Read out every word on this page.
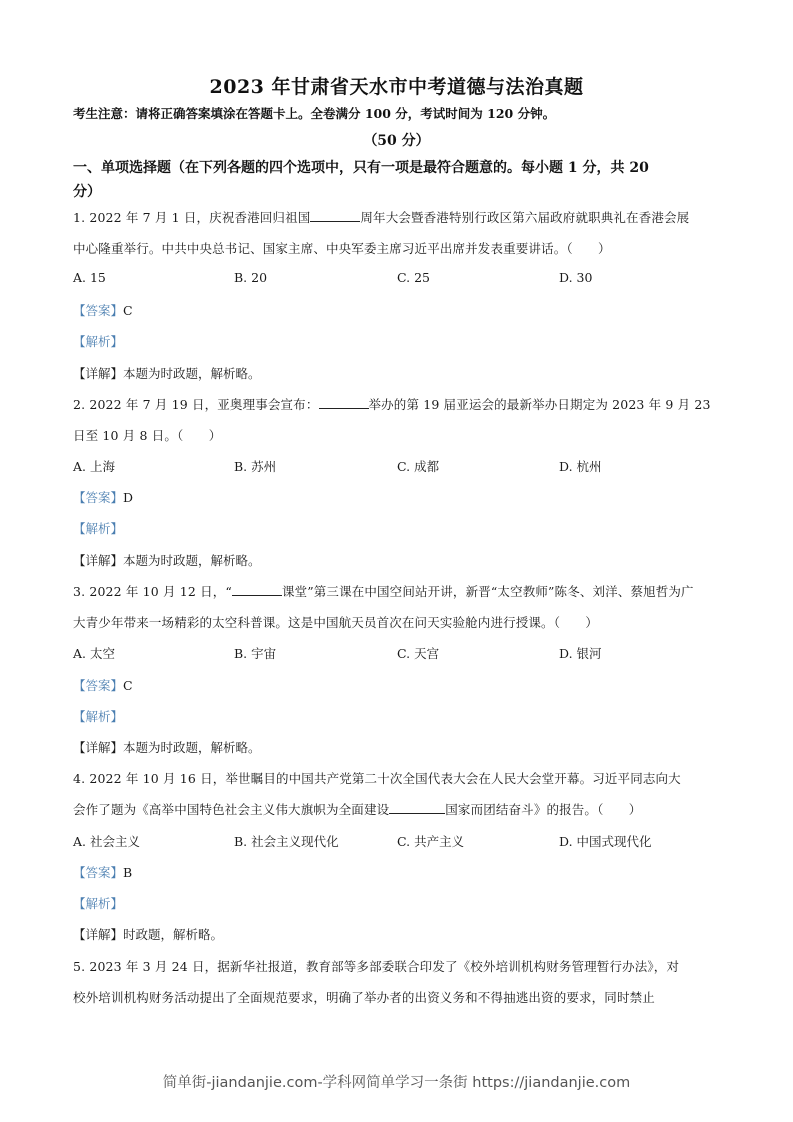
2023 年甘肃省天水市中考道德与法治真题
考生注意：请将正确答案填涂在答题卡上。全卷满分 100 分，考试时间为 120 分钟。
（50 分）
一、单项选择题（在下列各题的四个选项中，只有一项是最符合题意的。每小题 1 分，共 20
分）
1. 2022 年 7 月 1 日，庆祝香港回归祖国	周年大会暨香港特别行政区第六届政府就职典礼在香港会展
中心隆重举行。中共中央总书记、国家主席、中央军委主席习近平出席并发表重要讲话。（　　）
A. 15	B. 20	C. 25	D. 30
【答案】C
【解析】
【详解】本题为时政题，解析略。
2. 2022 年 7 月 19 日，亚奥理事会宣布：	举办的第 19 届亚运会的最新举办日期定为 2023 年 9 月 23
日至 10 月 8 日。（　　）
A. 上海	B. 苏州	C. 成都	D. 杭州
【答案】D
【解析】
【详解】本题为时政题，解析略。
3. 2022 年 10 月 12 日，“	课堂”第三课在中国空间站开讲，新晋“太空教师”陈冬、刘洋、蔡旭哲为广
大青少年带来一场精彩的太空科普课。这是中国航天员首次在问天实验舱内进行授课。（　　）
A. 太空	B. 宇宙	C. 天宫	D. 银河
【答案】C
【解析】
【详解】本题为时政题，解析略。
4. 2022 年 10 月 16 日，举世瞩目的中国共产党第二十次全国代表大会在人民大会堂开幕。习近平同志向大
会作了题为《高举中国特色社会主义伟大旗帜为全面建设	国家而团结奋斗》的报告。（　　）
A. 社会主义	B. 社会主义现代化	C. 共产主义	D. 中国式现代化
【答案】B
【解析】
【详解】时政题，解析略。
5. 2023 年 3 月 24 日，据新华社报道，教育部等多部委联合印发了《校外培训机构财务管理暂行办法》，对
校外培训机构财务活动提出了全面规范要求，明确了举办者的出资义务和不得抽逃出资的要求，同时禁止
简单街-jiandanjie.com-学科网简单学习一条街 https://jiandanjie.com
